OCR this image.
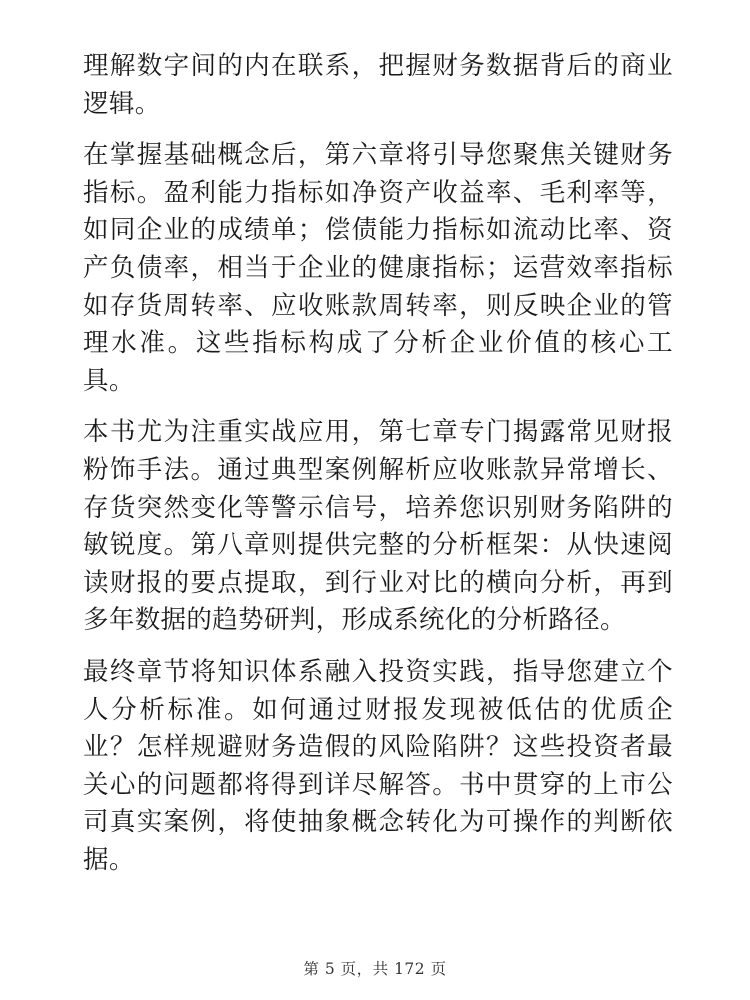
理解数字间的内在联系，把握财务数据背后的商业逻辑。

在掌握基础概念后，第六章将引导您聚焦关键财务指标。盈利能力指标如净资产收益率、毛利率等，如同企业的成绩单；偿债能力指标如流动比率、资产负债率，相当于企业的健康指标；运营效率指标如存货周转率、应收账款周转率，则反映企业的管理水准。这些指标构成了分析企业价值的核心工具。

本书尤为注重实战应用，第七章专门揭露常见财报粉饰手法。通过典型案例解析应收账款异常增长、存货突然变化等警示信号，培养您识别财务陷阱的敏锐度。第八章则提供完整的分析框架：从快速阅读财报的要点提取，到行业对比的横向分析，再到多年数据的趋势研判，形成系统化的分析路径。

最终章节将知识体系融入投资实践，指导您建立个人分析标准。如何通过财报发现被低估的优质企业？怎样规避财务造假的风险陷阱？这些投资者最关心的问题都将得到详尽解答。书中贯穿的上市公司真实案例，将使抽象概念转化为可操作的判断依据。

第 5 页，共 172 页
